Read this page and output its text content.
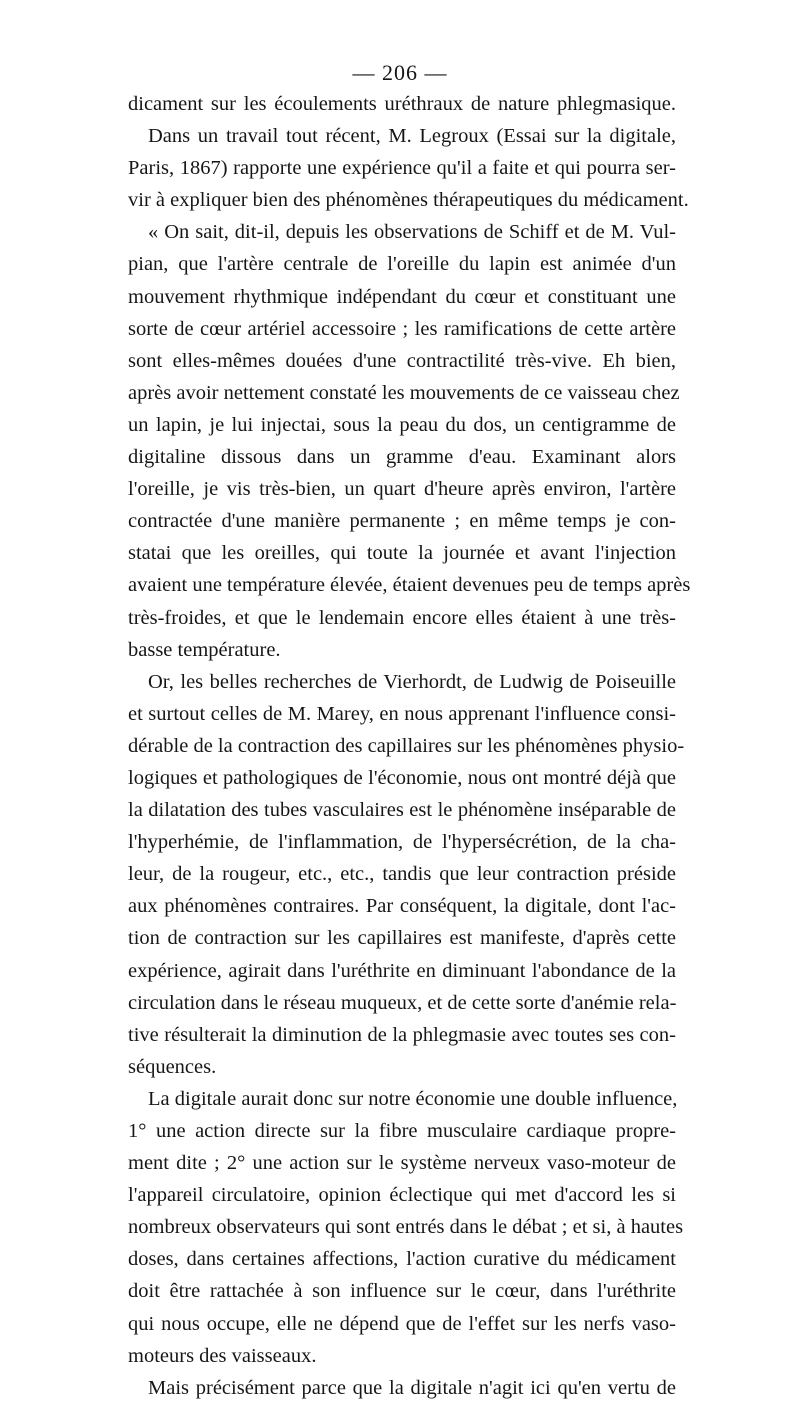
— 206 —
dicament sur les écoulements uréthraux de nature phlegmasique.
Dans un travail tout récent, M. Legroux (Essai sur la digitale,
Paris, 1867) rapporte une expérience qu'il a faite et qui pourra ser-
vir à expliquer bien des phénomènes thérapeutiques du médicament.
« On sait, dit-il, depuis les observations de Schiff et de M. Vul-
pian, que l'artère centrale de l'oreille du lapin est animée d'un
mouvement rhythmique indépendant du cœur et constituant une
sorte de cœur artériel accessoire ; les ramifications de cette artère
sont elles-mêmes douées d'une contractilité très-vive. Eh bien,
après avoir nettement constaté les mouvements de ce vaisseau chez
un lapin, je lui injectai, sous la peau du dos, un centigramme de
digitaline dissous dans un gramme d'eau. Examinant alors
l'oreille, je vis très-bien, un quart d'heure après environ, l'artère
contractée d'une manière permanente ; en même temps je con-
statai que les oreilles, qui toute la journée et avant l'injection
avaient une température élevée, étaient devenues peu de temps après
très-froides, et que le lendemain encore elles étaient à une très-
basse température.
Or, les belles recherches de Vierhordt, de Ludwig de Poiseuille
et surtout celles de M. Marey, en nous apprenant l'influence consi-
dérable de la contraction des capillaires sur les phénomènes physio-
logiques et pathologiques de l'économie, nous ont montré déjà que
la dilatation des tubes vasculaires est le phénomène inséparable de
l'hyperhémie, de l'inflammation, de l'hypersécrétion, de la cha-
leur, de la rougeur, etc., etc., tandis que leur contraction préside
aux phénomènes contraires. Par conséquent, la digitale, dont l'ac-
tion de contraction sur les capillaires est manifeste, d'après cette
expérience, agirait dans l'uréthrite en diminuant l'abondance de la
circulation dans le réseau muqueux, et de cette sorte d'anémie rela-
tive résulterait la diminution de la phlegmasie avec toutes ses con-
séquences.
La digitale aurait donc sur notre économie une double influence,
1° une action directe sur la fibre musculaire cardiaque propre-
ment dite ; 2° une action sur le système nerveux vaso-moteur de
l'appareil circulatoire, opinion éclectique qui met d'accord les si
nombreux observateurs qui sont entrés dans le débat ; et si, à hautes
doses, dans certaines affections, l'action curative du médicament
doit être rattachée à son influence sur le cœur, dans l'uréthrite
qui nous occupe, elle ne dépend que de l'effet sur les nerfs vaso-
moteurs des vaisseaux.
Mais précisément parce que la digitale n'agit ici qu'en vertu de
